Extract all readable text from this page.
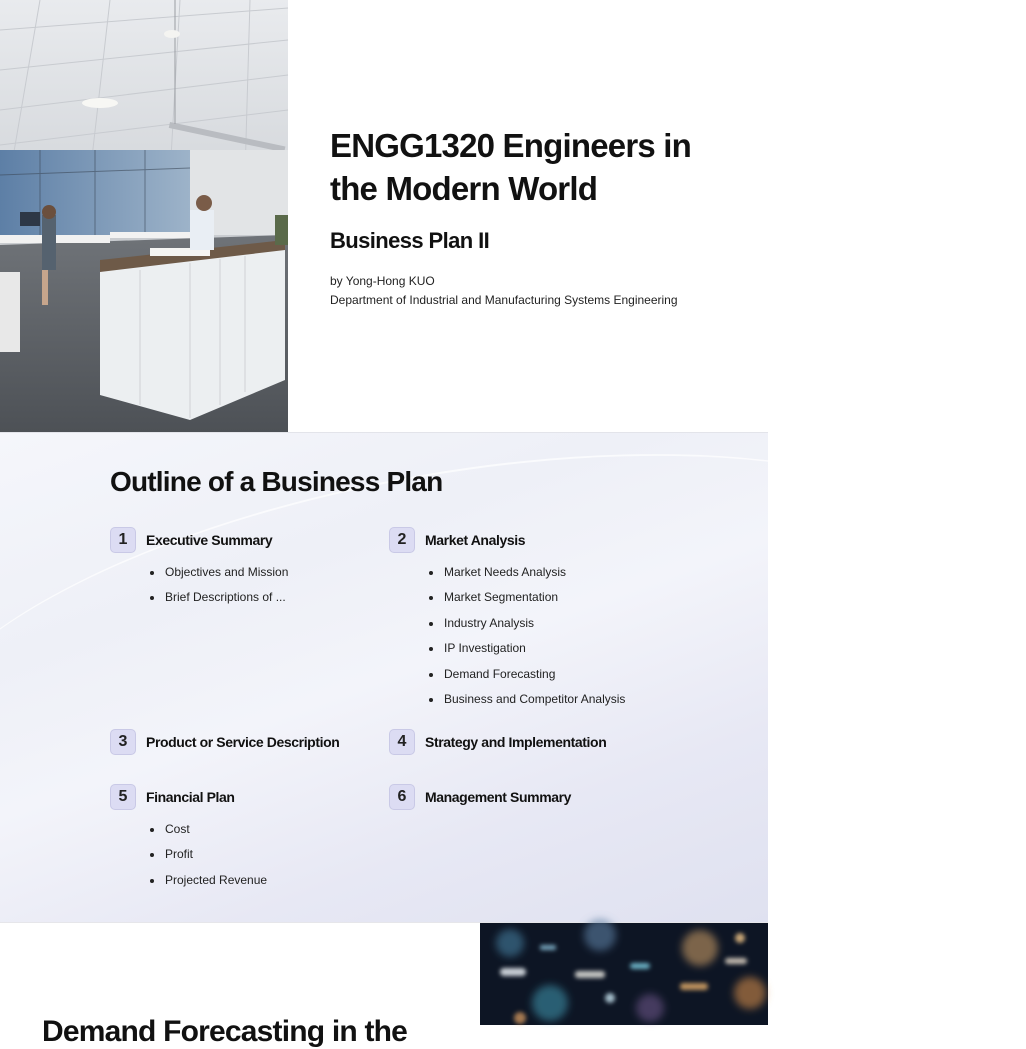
ENGG1320 Engineers in the Modern World
Business Plan II
by Yong-Hong KUO
Department of Industrial and Manufacturing Systems Engineering
Outline of a Business Plan
1	Executive Summary
Objectives and Mission
Brief Descriptions of ...
2	Market Analysis
Market Needs Analysis
Market Segmentation
Industry Analysis
IP Investigation
Demand Forecasting
Business and Competitor Analysis
3	Product or Service Description	4	Strategy and Implementation
5	Financial Plan
Cost
Profit
Projected Revenue
6	Management Summary
Demand Forecasting in the
